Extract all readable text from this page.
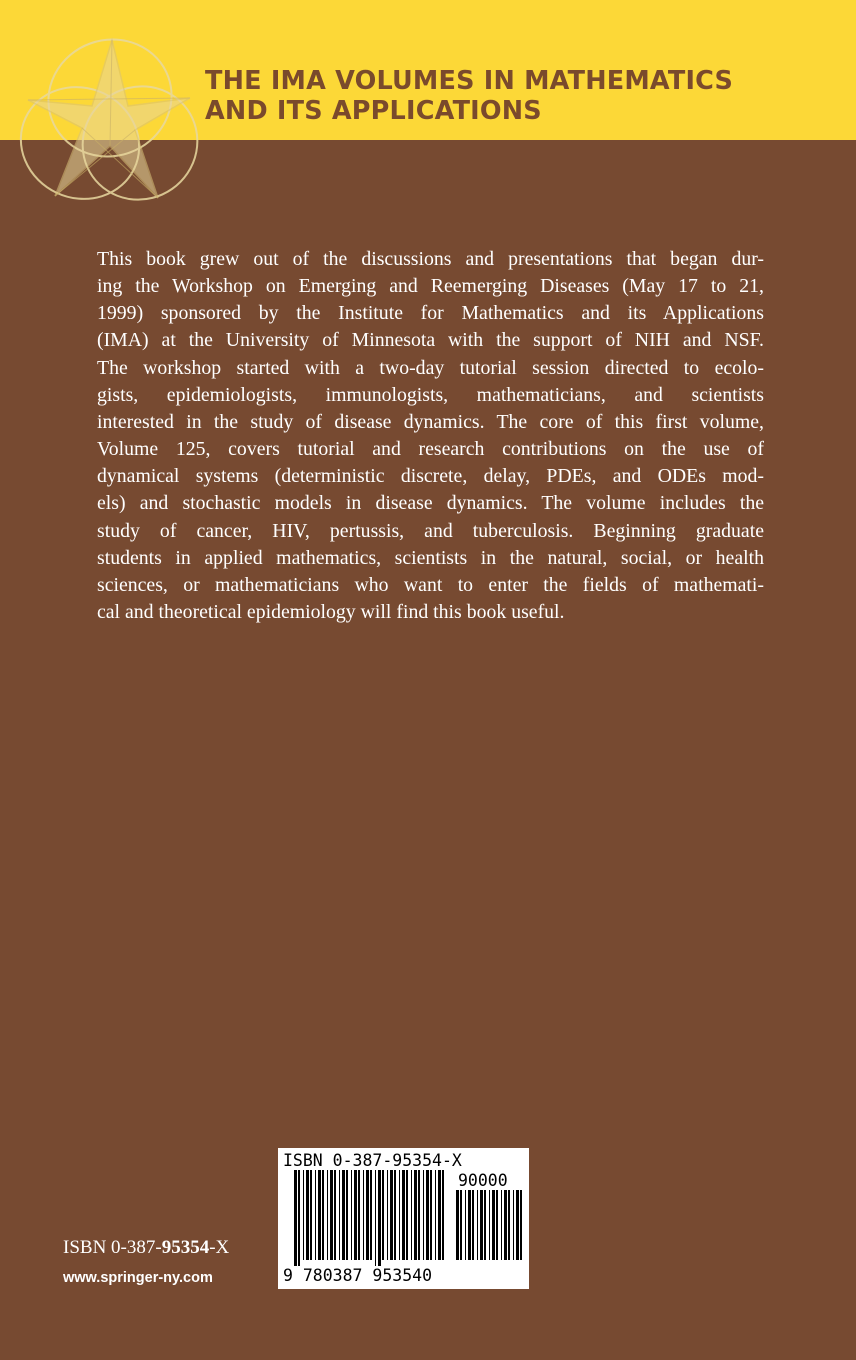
THE IMA VOLUMES IN MATHEMATICS
AND ITS APPLICATIONS
This book grew out of the discussions and presentations that began dur-
ing the Workshop on Emerging and Reemerging Diseases (May 17 to 21,
1999) sponsored by the Institute for Mathematics and its Applications
(IMA) at the University of Minnesota with the support of NIH and NSF.
The workshop started with a two-day tutorial session directed to ecolo-
gists, epidemiologists, immunologists, mathematicians, and scientists
interested in the study of disease dynamics. The core of this first volume,
Volume 125, covers tutorial and research contributions on the use of
dynamical systems (deterministic discrete, delay, PDEs, and ODEs mod-
els) and stochastic models in disease dynamics. The volume includes the
study of cancer, HIV, pertussis, and tuberculosis. Beginning graduate
students in applied mathematics, scientists in the natural, social, or health
sciences, or mathematicians who want to enter the fields of mathemati-
cal and theoretical epidemiology will find this book useful.
ISBN 0-387-95354-X
www.springer-ny.com
ISBN 0-387-95354-X
90000
9 780387 953540
